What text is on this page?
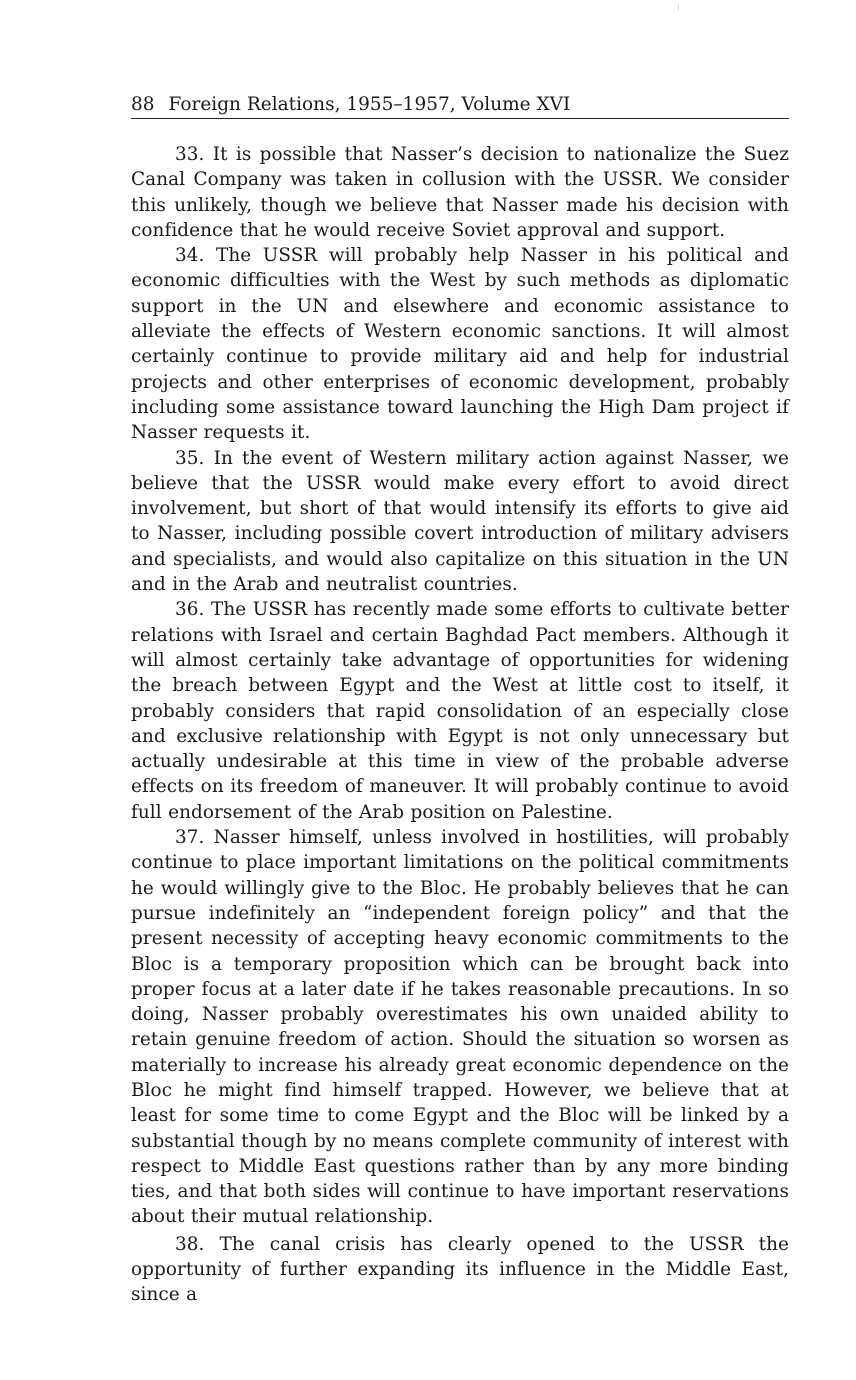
88 Foreign Relations, 1955–1957, Volume XVI

33. It is possible that Nasser’s decision to nationalize the Suez Canal Company was taken in collusion with the USSR. We consider this unlikely, though we believe that Nasser made his decision with confidence that he would receive Soviet approval and support.

34. The USSR will probably help Nasser in his political and economic difficulties with the West by such methods as diplomatic support in the UN and elsewhere and economic assistance to alleviate the effects of Western economic sanctions. It will almost certainly continue to provide military aid and help for industrial projects and other enterprises of economic development, probably including some assistance toward launching the High Dam project if Nasser requests it.

35. In the event of Western military action against Nasser, we believe that the USSR would make every effort to avoid direct involvement, but short of that would intensify its efforts to give aid to Nasser, including possible covert introduction of military advisers and specialists, and would also capitalize on this situation in the UN and in the Arab and neutralist countries.

36. The USSR has recently made some efforts to cultivate better relations with Israel and certain Baghdad Pact members. Although it will almost certainly take advantage of opportunities for widening the breach between Egypt and the West at little cost to itself, it probably considers that rapid consolidation of an especially close and exclusive relationship with Egypt is not only unnecessary but actually undesirable at this time in view of the probable adverse effects on its freedom of maneuver. It will probably continue to avoid full endorsement of the Arab position on Palestine.

37. Nasser himself, unless involved in hostilities, will probably continue to place important limitations on the political commitments he would willingly give to the Bloc. He probably believes that he can pursue indefinitely an “independent foreign policy” and that the present necessity of accepting heavy economic commitments to the Bloc is a temporary proposition which can be brought back into proper focus at a later date if he takes reasonable precautions. In so doing, Nasser probably overestimates his own unaided ability to retain genuine freedom of action. Should the situation so worsen as materially to increase his already great economic dependence on the Bloc he might find himself trapped. However, we believe that at least for some time to come Egypt and the Bloc will be linked by a substantial though by no means complete community of interest with respect to Middle East questions rather than by any more binding ties, and that both sides will continue to have important reservations about their mutual relationship.

38. The canal crisis has clearly opened to the USSR the opportunity of further expanding its influence in the Middle East, since a
